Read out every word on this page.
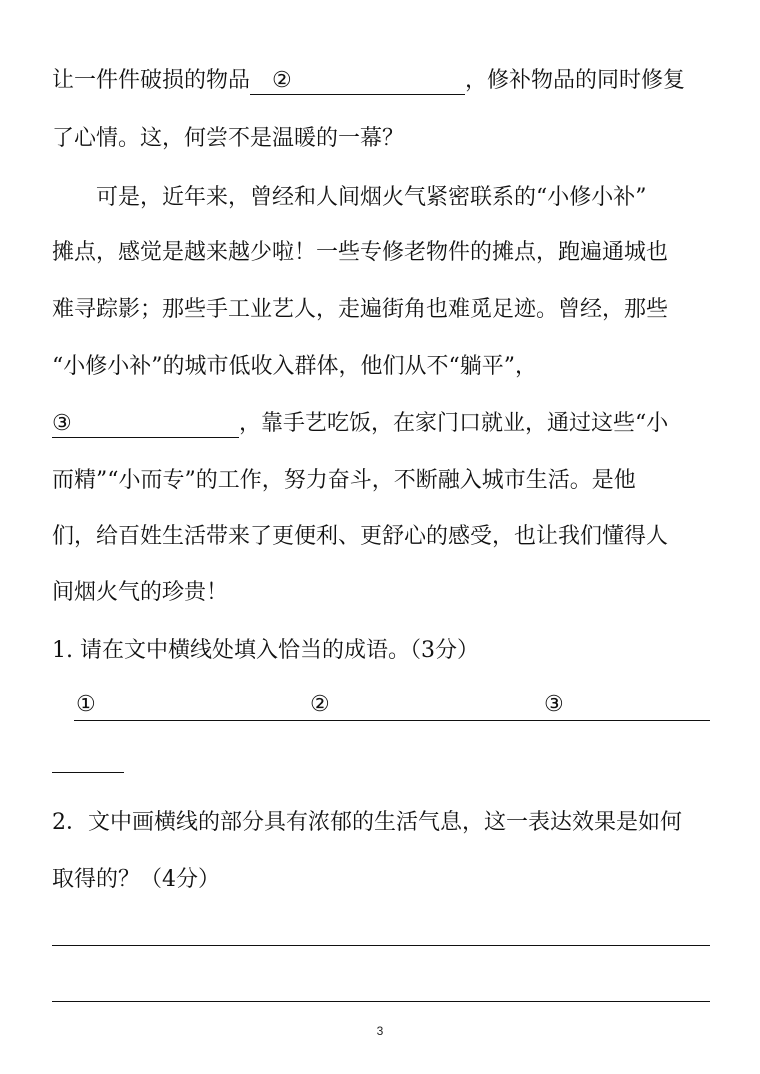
让一件件破损的物品 ②	，修补物品的同时修复
了心情。这，何尝不是温暖的一幕？
可是，近年来，曾经和人间烟火气紧密联系的“小修小补”
摊点，感觉是越来越少啦！一些专修老物件的摊点，跑遍通城也
难寻踪影；那些手工业艺人，走遍街角也难觅足迹。曾经，那些
“小修小补”的城市低收入群体，他们从不“躺平”，
③	，靠手艺吃饭，在家门口就业，通过这些“小
而精”“小而专”的工作，努力奋斗，不断融入城市生活。是他
们，给百姓生活带来了更便利、更舒心的感受，也让我们懂得人
间烟火气的珍贵！
1. 请在文中横线处填入恰当的成语。（3分）
①	②	③
2．文中画横线的部分具有浓郁的生活气息，这一表达效果是如何
取得的？（4分）
3
